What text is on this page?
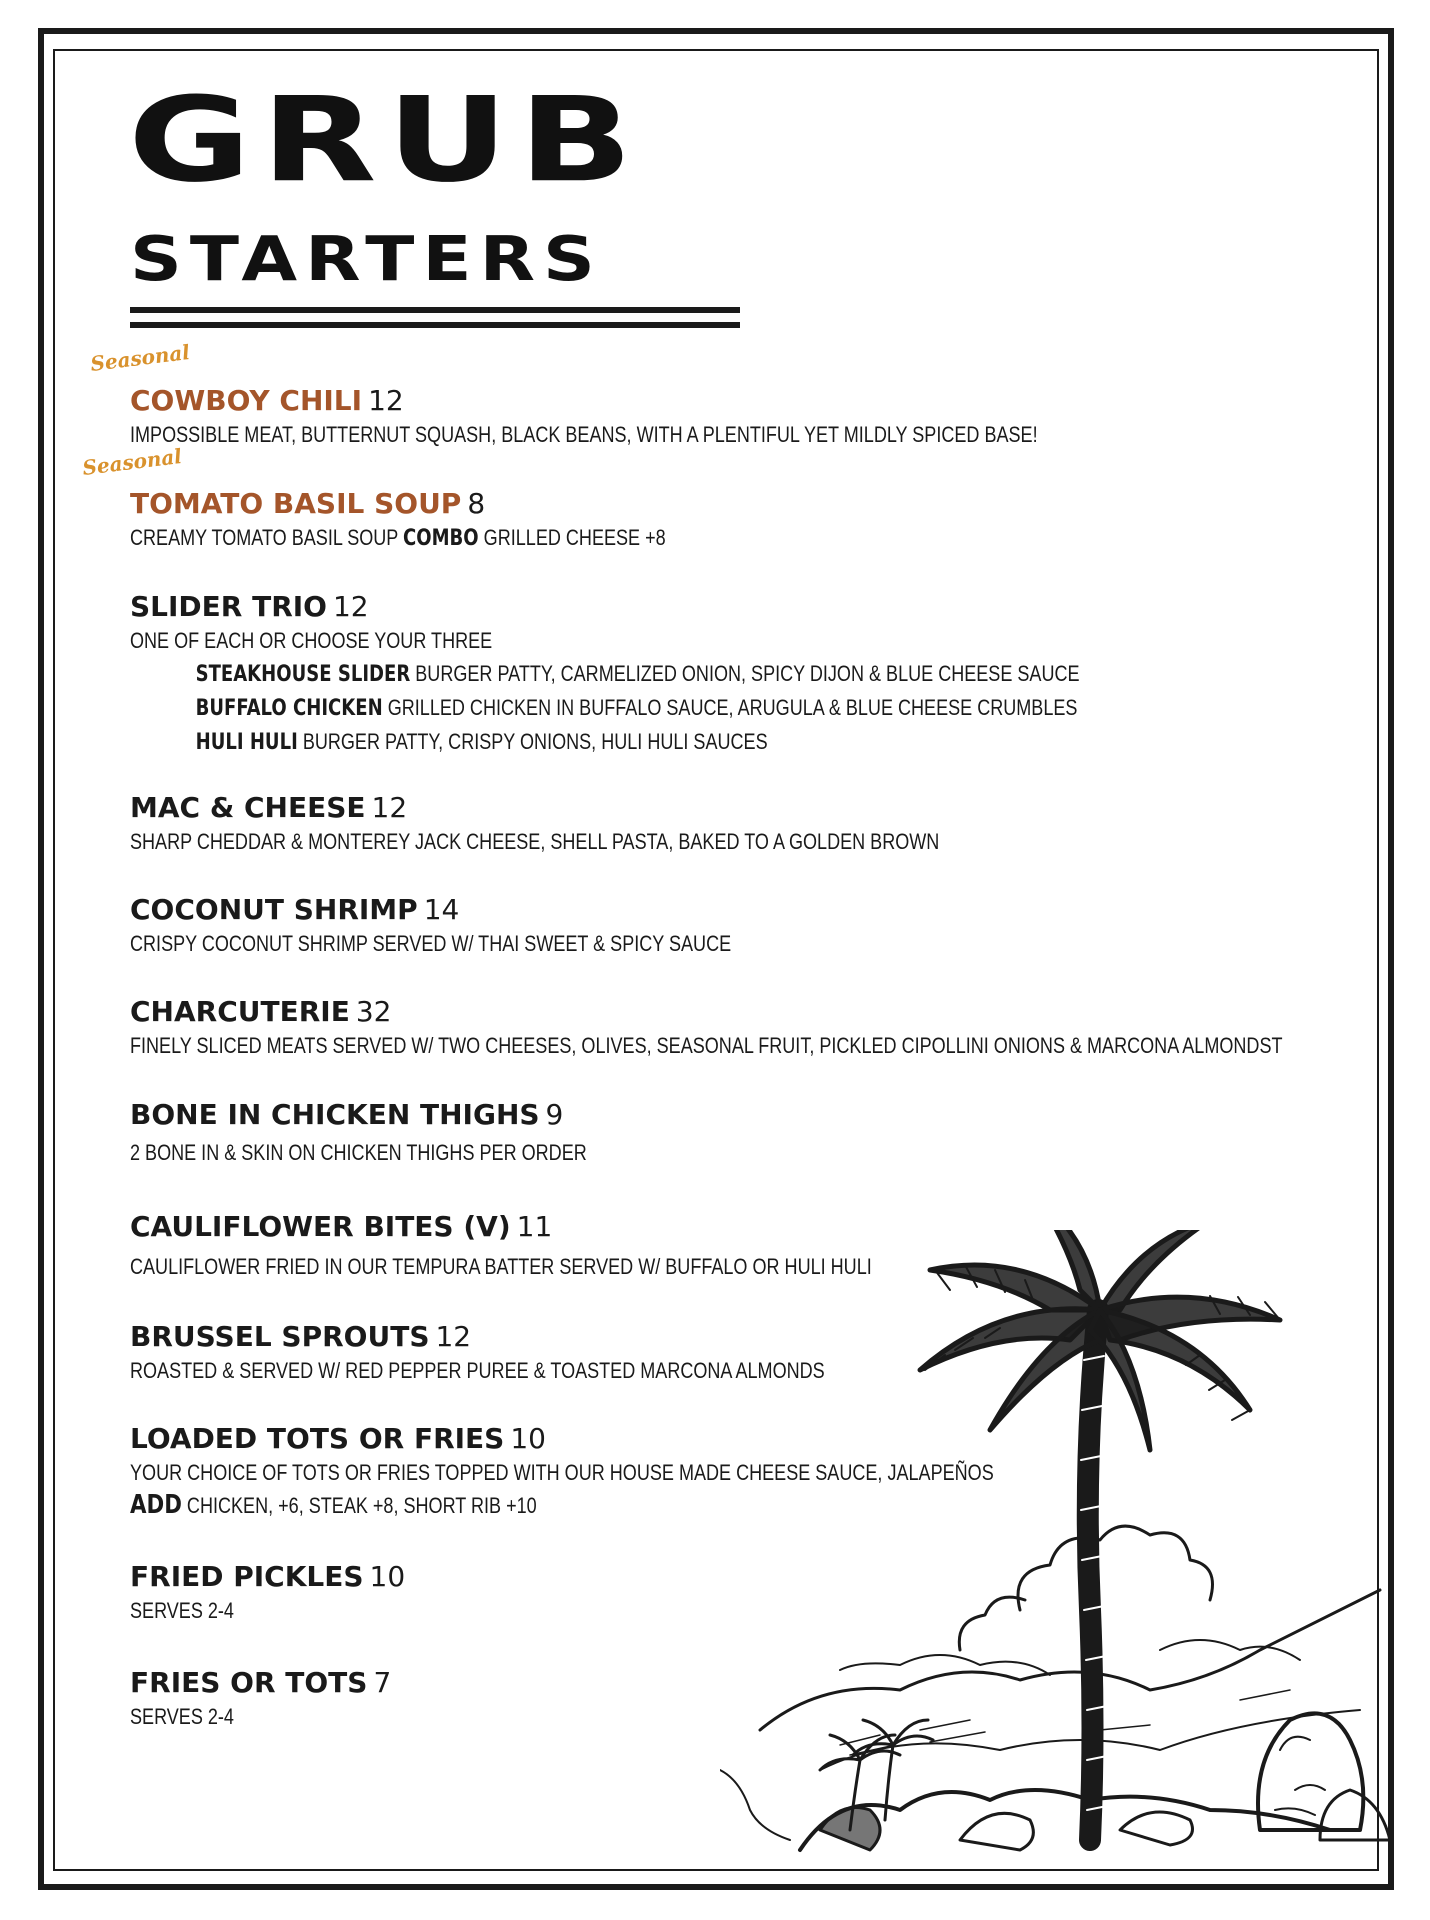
GRUB
STARTERS
Seasonal
Seasonal
COWBOY CHILI 12
IMPOSSIBLE MEAT, BUTTERNUT SQUASH, BLACK BEANS, WITH A PLENTIFUL YET MILDLY SPICED BASE!
TOMATO BASIL SOUP 8
CREAMY TOMATO BASIL SOUP COMBO GRILLED CHEESE +8
SLIDER TRIO 12
ONE OF EACH OR CHOOSE YOUR THREE
STEAKHOUSE SLIDER BURGER PATTY, CARMELIZED ONION, SPICY DIJON & BLUE CHEESE SAUCE
BUFFALO CHICKEN GRILLED CHICKEN IN BUFFALO SAUCE, ARUGULA & BLUE CHEESE CRUMBLES
HULI HULI BURGER PATTY, CRISPY ONIONS, HULI HULI SAUCES
MAC & CHEESE 12
SHARP CHEDDAR & MONTEREY JACK CHEESE, SHELL PASTA, BAKED TO A GOLDEN BROWN
COCONUT SHRIMP 14
CRISPY COCONUT SHRIMP SERVED W/ THAI SWEET & SPICY SAUCE
CHARCUTERIE 32
FINELY SLICED MEATS SERVED W/ TWO CHEESES, OLIVES, SEASONAL FRUIT, PICKLED CIPOLLINI ONIONS & MARCONA ALMONDST
BONE IN CHICKEN THIGHS 9
2 BONE IN & SKIN ON CHICKEN THIGHS PER ORDER
CAULIFLOWER BITES (V) 11
CAULIFLOWER FRIED IN OUR TEMPURA BATTER SERVED W/ BUFFALO OR HULI HULI
BRUSSEL SPROUTS 12
ROASTED & SERVED W/ RED PEPPER PUREE & TOASTED MARCONA ALMONDS
LOADED TOTS OR FRIES 10
YOUR CHOICE OF TOTS OR FRIES TOPPED WITH OUR HOUSE MADE CHEESE SAUCE, JALAPEÑOS
ADD CHICKEN, +6, STEAK +8, SHORT RIB +10
FRIED PICKLES 10
SERVES 2-4
FRIES OR TOTS 7
SERVES 2-4
